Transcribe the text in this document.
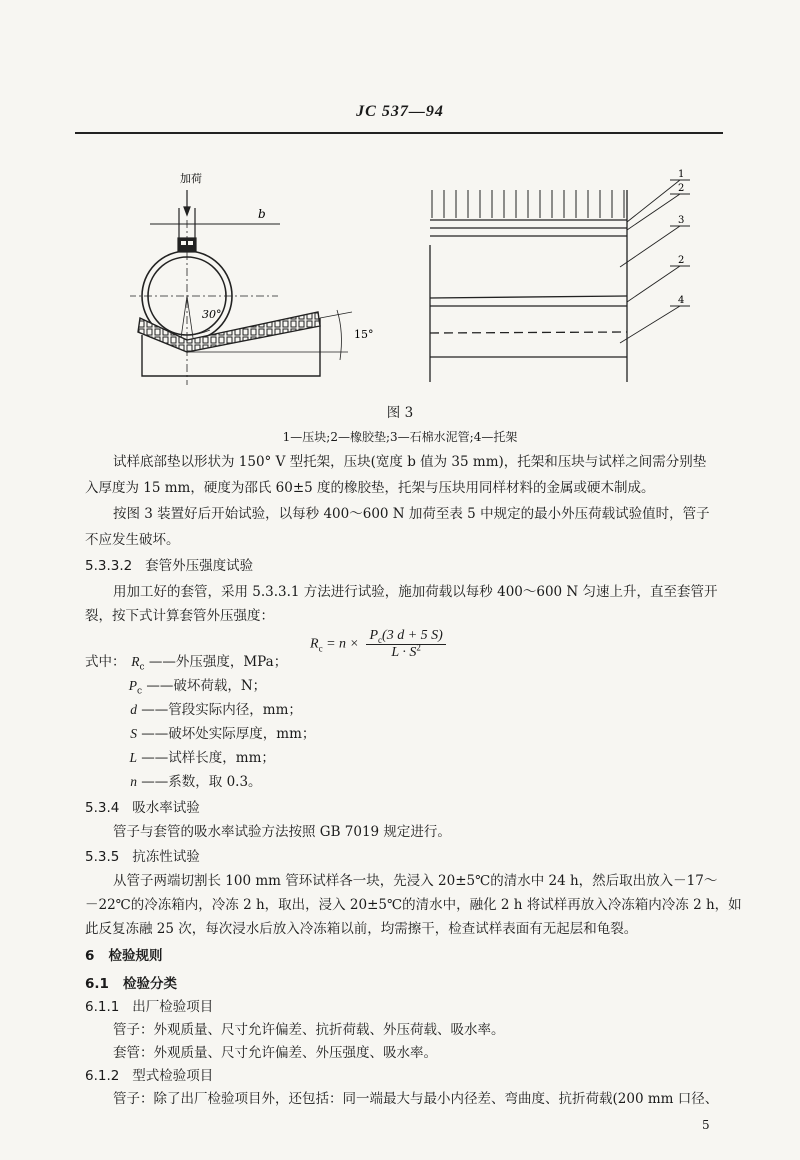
JC 537—94
加荷
b
30°
15°
1
2
3
2
4
图 3
1—压块;2—橡胶垫;3—石棉水泥管;4—托架
试样底部垫以形状为 150° V 型托架，压块(宽度 b 值为 35 mm)，托架和压块与试样之间需分别垫
入厚度为 15 mm，硬度为邵氏 60±5 度的橡胶垫，托架与压块用同样材料的金属或硬木制成。
按图 3 装置好后开始试验，以每秒 400～600 N 加荷至表 5 中规定的最小外压荷载试验值时，管子
不应发生破坏。
5.3.3.2 套管外压强度试验
用加工好的套管，采用 5.3.3.1 方法进行试验，施加荷载以每秒 400～600 N 匀速上升，直至套管开
裂，按下式计算套管外压强度：
$R_c = n \times \frac{P_c(3 d + 5 S)}{L \cdot S^2}$
式中： $R_c$ ——外压强度，MPa；
$P_c$ ——破坏荷载，N；
d ——管段实际内径，mm；
S ——破坏处实际厚度，mm；
L ——试样长度，mm；
n ——系数，取 0.3。
5.3.4 吸水率试验
管子与套管的吸水率试验方法按照 GB 7019 规定进行。
5.3.5 抗冻性试验
从管子两端切割长 100 mm 管环试样各一块，先浸入 20±5℃的清水中 24 h，然后取出放入－17～
－22℃的冷冻箱内，冷冻 2 h，取出，浸入 20±5℃的清水中，融化 2 h 将试样再放入冷冻箱内冷冻 2 h，如
此反复冻融 25 次，每次浸水后放入冷冻箱以前，均需擦干，检查试样表面有无起层和龟裂。
6 检验规则
6.1 检验分类
6.1.1 出厂检验项目
管子：外观质量、尺寸允许偏差、抗折荷载、外压荷载、吸水率。
套管：外观质量、尺寸允许偏差、外压强度、吸水率。
6.1.2 型式检验项目
管子：除了出厂检验项目外，还包括：同一端最大与最小内径差、弯曲度、抗折荷载(200 mm 口径、
5
